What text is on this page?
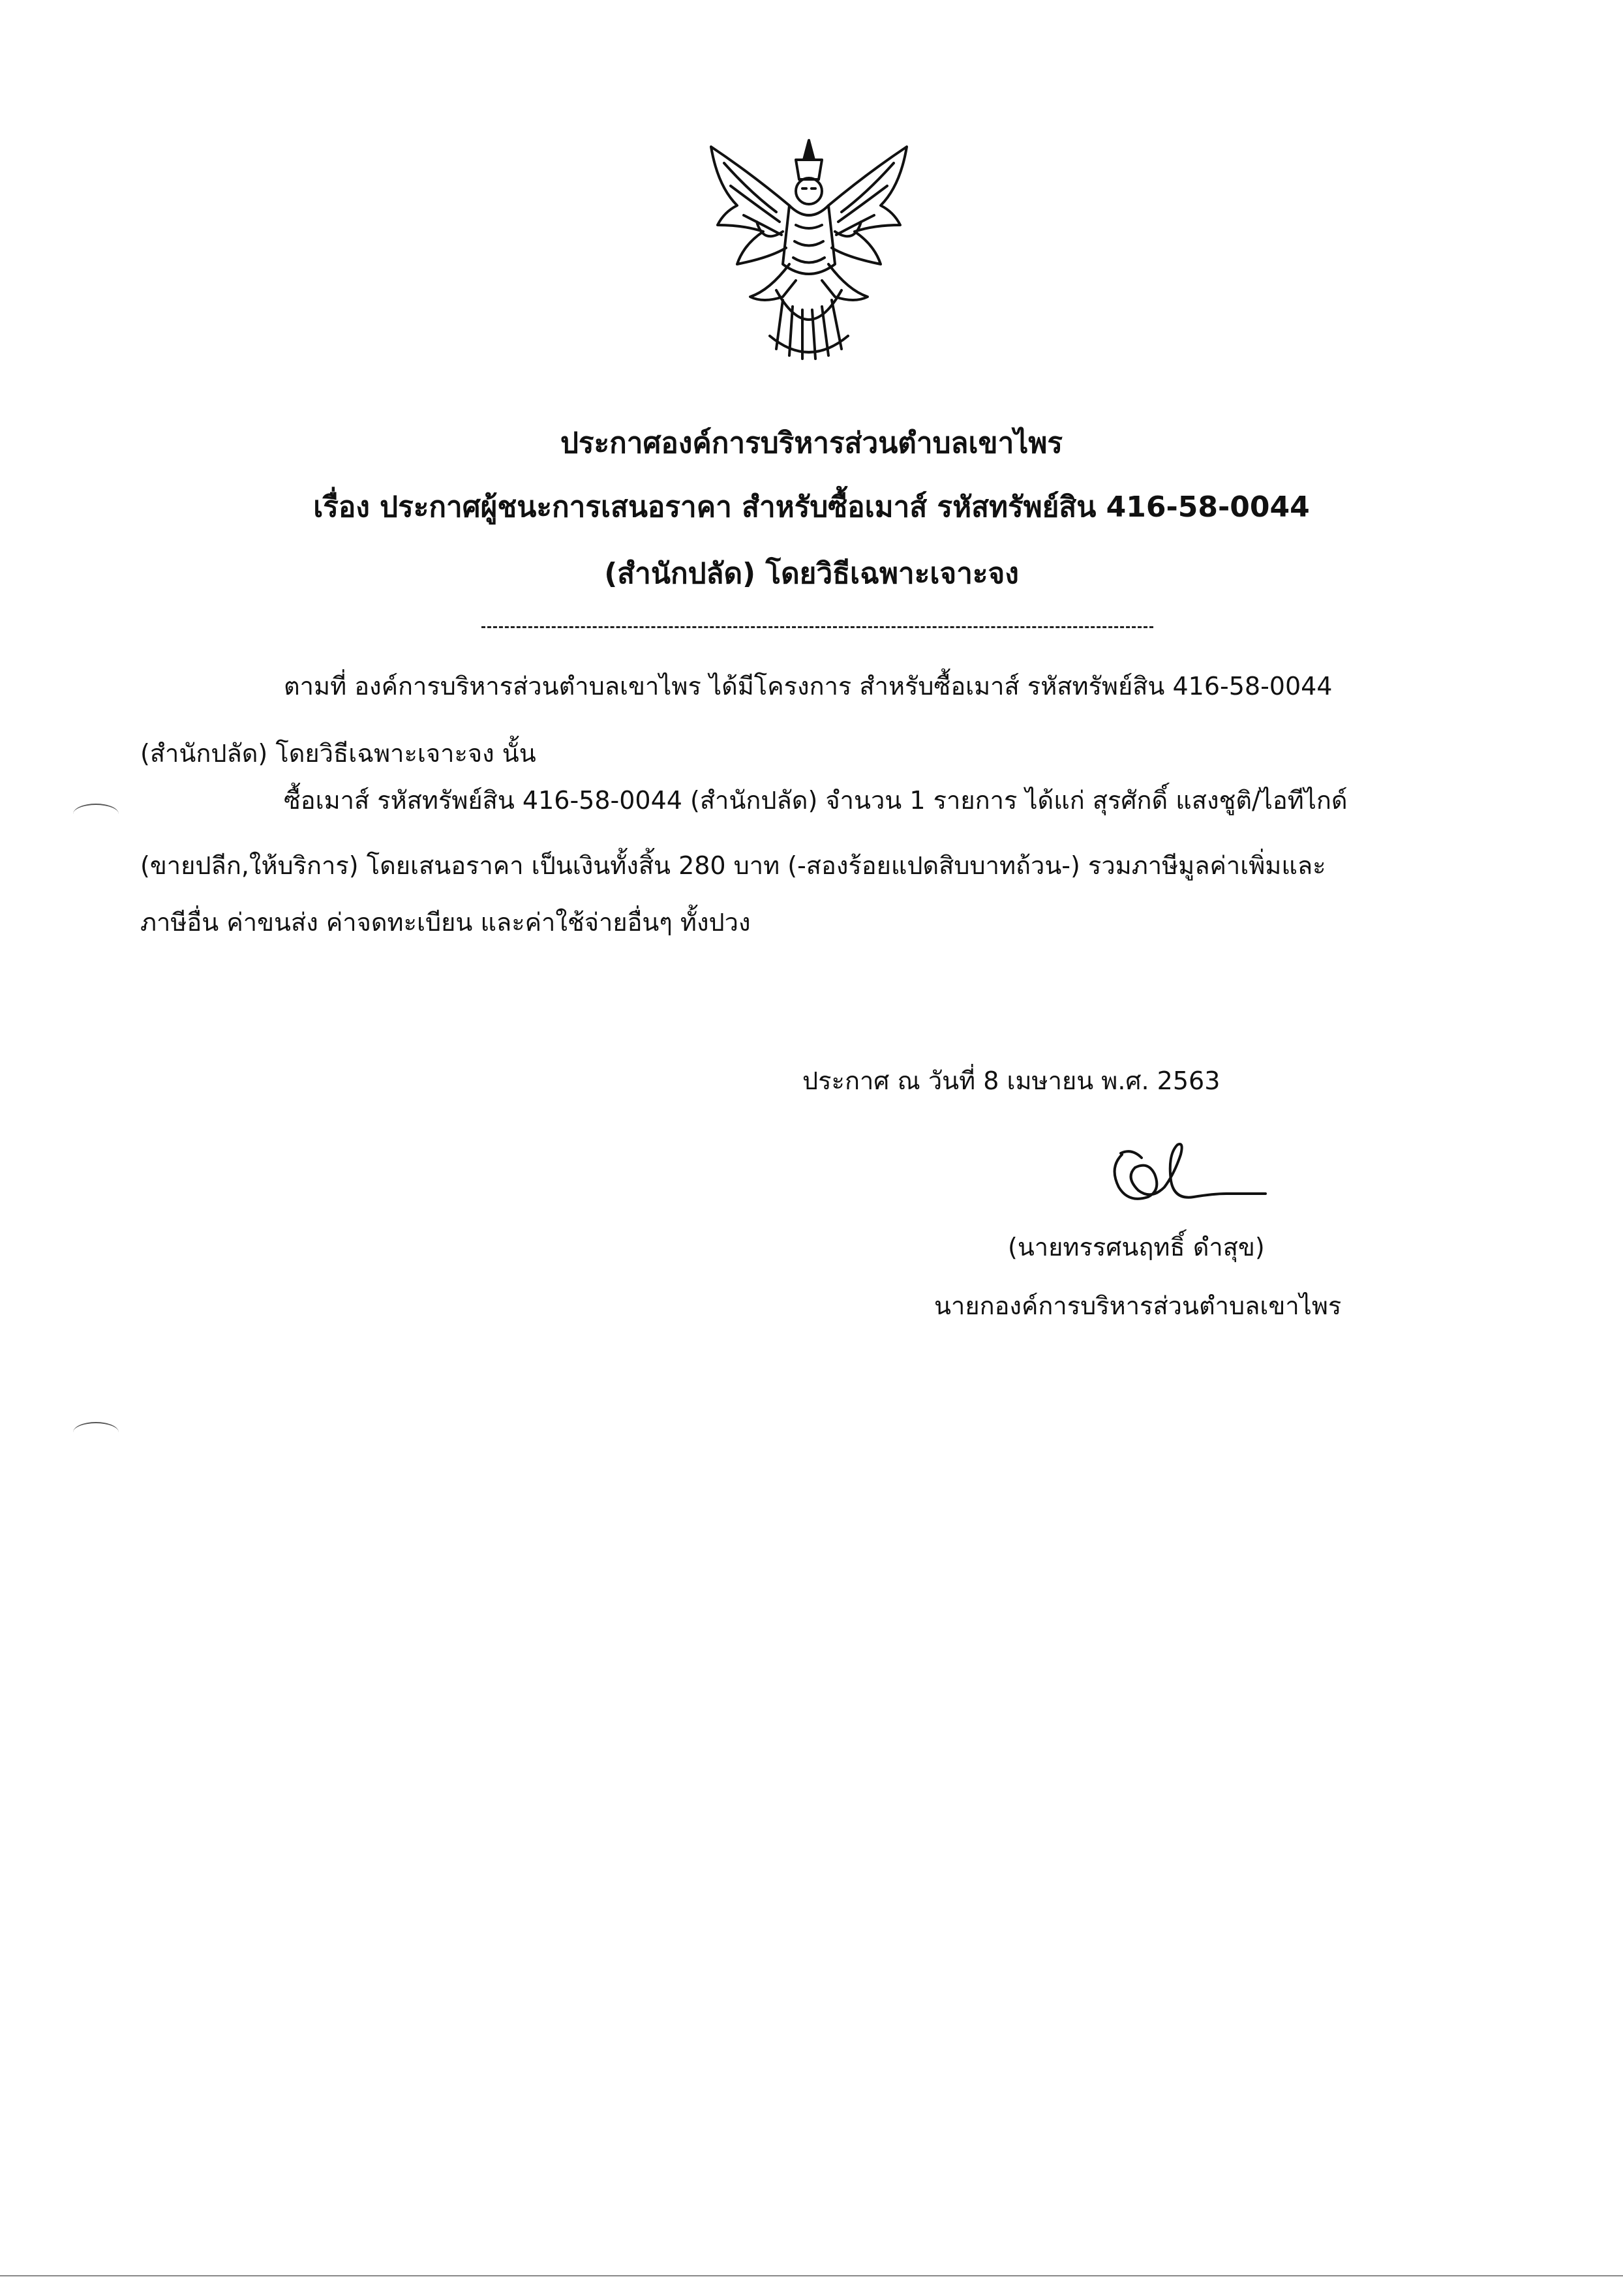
ประกาศองค์การบริหารส่วนตำบลเขาไพร
เรื่อง ประกาศผู้ชนะการเสนอราคา สำหรับซื้อเมาส์ รหัสทรัพย์สิน 416-58-0044
(สำนักปลัด) โดยวิธีเฉพาะเจาะจง
ตามที่ องค์การบริหารส่วนตำบลเขาไพร ได้มีโครงการ สำหรับซื้อเมาส์ รหัสทรัพย์สิน 416-58-0044
(สำนักปลัด) โดยวิธีเฉพาะเจาะจง นั้น
ซื้อเมาส์ รหัสทรัพย์สิน 416-58-0044 (สำนักปลัด) จำนวน 1 รายการ ได้แก่ สุรศักดิ์ แสงชูติ/ไอทีไกด์
(ขายปลีก,ให้บริการ) โดยเสนอราคา เป็นเงินทั้งสิ้น 280 บาท (-สองร้อยแปดสิบบาทถ้วน-) รวมภาษีมูลค่าเพิ่มและ
ภาษีอื่น ค่าขนส่ง ค่าจดทะเบียน และค่าใช้จ่ายอื่นๆ ทั้งปวง
ประกาศ ณ วันที่ 8 เมษายน พ.ศ. 2563
(นายทรรศนฤทธิ์ ดำสุข)
นายกองค์การบริหารส่วนตำบลเขาไพร
